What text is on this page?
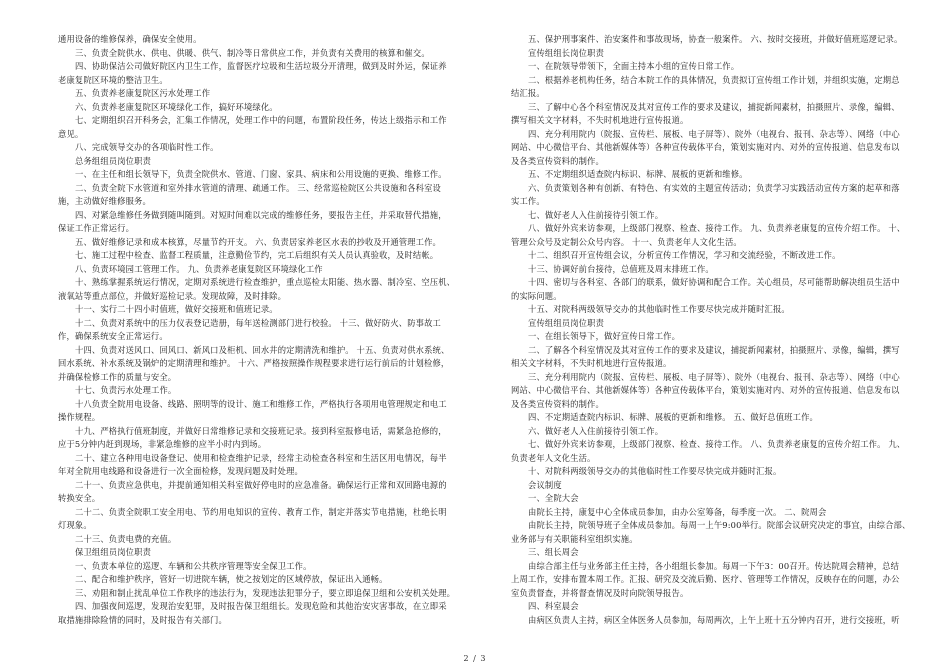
通用设备的维修保养，确保安全使用。

三、负责全院供水、供电、供暖、供气、制冷等日常供应工作，并负责有关费用的核算和催交。

四、协助保洁公司做好院区内卫生工作，监督医疗垃圾和生活垃圾分开清理，做到及时外运，保证养

老康复院区环境的整洁卫生。

五、负责养老康复院区污水处理工作

六、负责养老康复院区环境绿化工作，搞好环境绿化。

七、定期组织召开科务会，汇集工作情况，处理工作中的问题，布置阶段任务，传达上级指示和工作

意见。

八、完成领导交办的各项临时性工作。

总务组组员岗位职责

一、在主任和组长领导下，负责全院供水、管道、门窗、家具、病床和公用设施的更换、维修工作。

二、负责全院下水管道和室外排水管道的清理、疏通工作。 三、经常巡检院区公共设施和各科室设

施，主动做好维修服务。

四、对紧急维修任务做到随叫随到。对短时间难以完成的维修任务，要报告主任，并采取替代措施，

保证工作正常运行。

五、做好维修记录和成本核算，尽量节约开支。 六、负责居家养老区水表的抄收及开通管理工作。

七、施工过程中检查、监督工程质量，注意勤俭节约，完工后组织有关人员认真验收，及时结帐。

八、负责环境园工管理工作。 九、负责养老康复院区环境绿化工作

十、熟练掌握系统运行情况，定期对系统进行检查维护，重点巡检太阳能、热水器、制冷室、空压机、

液氧站等重点部位，并做好巡检记录。发现故障，及时排除。

十一、实行二十四小时值班，做好交接班和值班记录。

十二、负责对系统中的压力仪表登记造册，每年送检测部门进行校验。 十三、做好防火、防事故工

作，确保系统安全正常运行。

十四、负责对送风口、回风口、新风口及柜机、回水井的定期清洗和维护。 十五、负责对供水系统、

回水系统、补水系统及锅炉的定期清理和维护。 十六、严格按照操作规程要求进行运行前后的计划检修，

并确保检修工作的质量与安全。

十七、负责污水处理工作。

十八负责全院用电设备、线路、照明等的设计、施工和维修工作，严格执行各项用电管理规定和电工

操作规程。

十九、严格执行值班制度，并做好日常维修记录和交接班记录。接到科室报修电话，需紧急抢修的，

应于5分钟内赶到现场，非紧急维修的应半小时内到场。

二十、建立各种用电设备登记、使用和检查维护记录，经常主动检查各科室和生活区用电情况，每半

年对全院用电线路和设备进行一次全面检修，发现问题及时处理。

二十一、负责应急供电，并提前通知相关科室做好停电时的应急准备。确保运行正常和双回路电源的

转换安全。

二十二、负责全院职工安全用电、节约用电知识的宣传、教育工作，制定并落实节电措施，杜绝长明

灯现象。

二十三、负责电费的充值。

保卫组组员岗位职责

一、负责本单位的巡逻、车辆和公共秩序管理等安全保卫工作。

二、配合和维护秩序，管好一切进院车辆，使之按划定的区域停放，保证出入通畅。

三、劝阻和制止扰乱单位工作秩序的违法行为，发现违法犯罪分子，要立即追保卫组和公安机关处理。

四、加强夜间巡逻，发现治安犯罪，及时报告保卫组组长。发现危险和其他治安灾害事故，在立即采

取措施排除险情的同时，及时报告有关部门。

五、保护刑事案件、治安案件和事故现场，协查一般案件。 六、按时交接班，并做好值班巡逻记录。

宣传组组长岗位职责

一、在院领导带领下，全面主持本小组的宣传日常工作。

二、根据养老机构任务，结合本院工作的具体情况，负责拟订宣传组工作计划，并组织实施，定期总

结汇报。

三、了解中心各个科室情况及其对宣传工作的要求及建议，捕捉新闻素材，拍摄照片、录像，编辑、

撰写相关文字材料，不失时机地进行宣传报道。

四、充分利用院内（院报、宣传栏、展板、电子屏等）、院外（电视台、报刊、杂志等）、网络（中心

网站、中心微信平台、其他新媒体等）各种宣传载体平台，策划实施对内、对外的宣传报道、信息发布以

及各类宣传资料的制作。

五、不定期组织适查院内标识、标牌、展板的更新和维修。

六、负责策划各种有创新、有特色、有实效的主题宣传活动；负责学习实践活动宣传方案的起草和落

实工作。

七、做好老人入住前接待引领工作。

八、做好外宾来访参观，上级部门视察、检查、接待工作。 九、负责养老康复的宣传介绍工作。 十、

管理公众号及定制公众号内容。 十一、负责老年人文化生活。

十二、组织召开宣传组会议，分析宣传工作情况，学习和交流经验，不断改进工作。

十三、协调好前台接待，总值班及周末排班工作。

十四、密切与各科室、各部门的联系，做好协调和配合工作。关心组员，尽可能帮助解决组员生活中

的实际问题。

十五、对院科两级领导交办的其他临时性工作要尽快完成并随时汇报。

宣传组组员岗位职责

一、在组长领导下，做好宣传日常工作。

二、了解各个科室情况及其对宣传工作的要求及建议，捕捉新闻素材，拍摄照片、录像，编辑，撰写

相关文字材料，不失时机地进行宣传报道。

三、充分利用院内（院报、宣传栏、展板、电子屏等）、院外（电视台、报刊、杂志等）、网络（中心

网站、中心微信平台、其他新媒体等）各种宣传载体平台，策划实施对内、对外的宣传报道、信息发布以

及各类宣传资料的制作。

四、不定期适查院内标识、标牌、展板的更新和维修。 五、做好总值班工作。

六、做好老人入住前接待引领工作。

七、做好外宾来访参观，上级部门视察、检查、接待工作。 八、负责养老康复的宣传介绍工作。 九、

负责老年人文化生活。

十、对院科两级领导交办的其他临时性工作要尽快完成并随时汇报。

会议制度

一、全院大会

由院长主持，康复中心全体成员参加，由办公室筹备，每季度一次。 二、院周会

由院长主持，院领导班子全体成员参加。每周一上午9:00举行。院部会议研究决定的事宜，由综合部、

业务部与有关职能科室组织实施。

三、组长周会

由综合部主任与业务部主任主持，各小组组长参加。每周一下午3：00召开。传达院周会精神，总结

上周工作，安排布置本周工作。汇报、研究及交流后勤、医疗、管理等工作情况，反映存在的问题，办公

室负责督查，并将督查情况及时向院领导报告。

四、科室晨会

由病区负责人主持，病区全体医务人员参加，每周两次，上午上班十五分钟内召开，进行交接班，听

2 / 3
